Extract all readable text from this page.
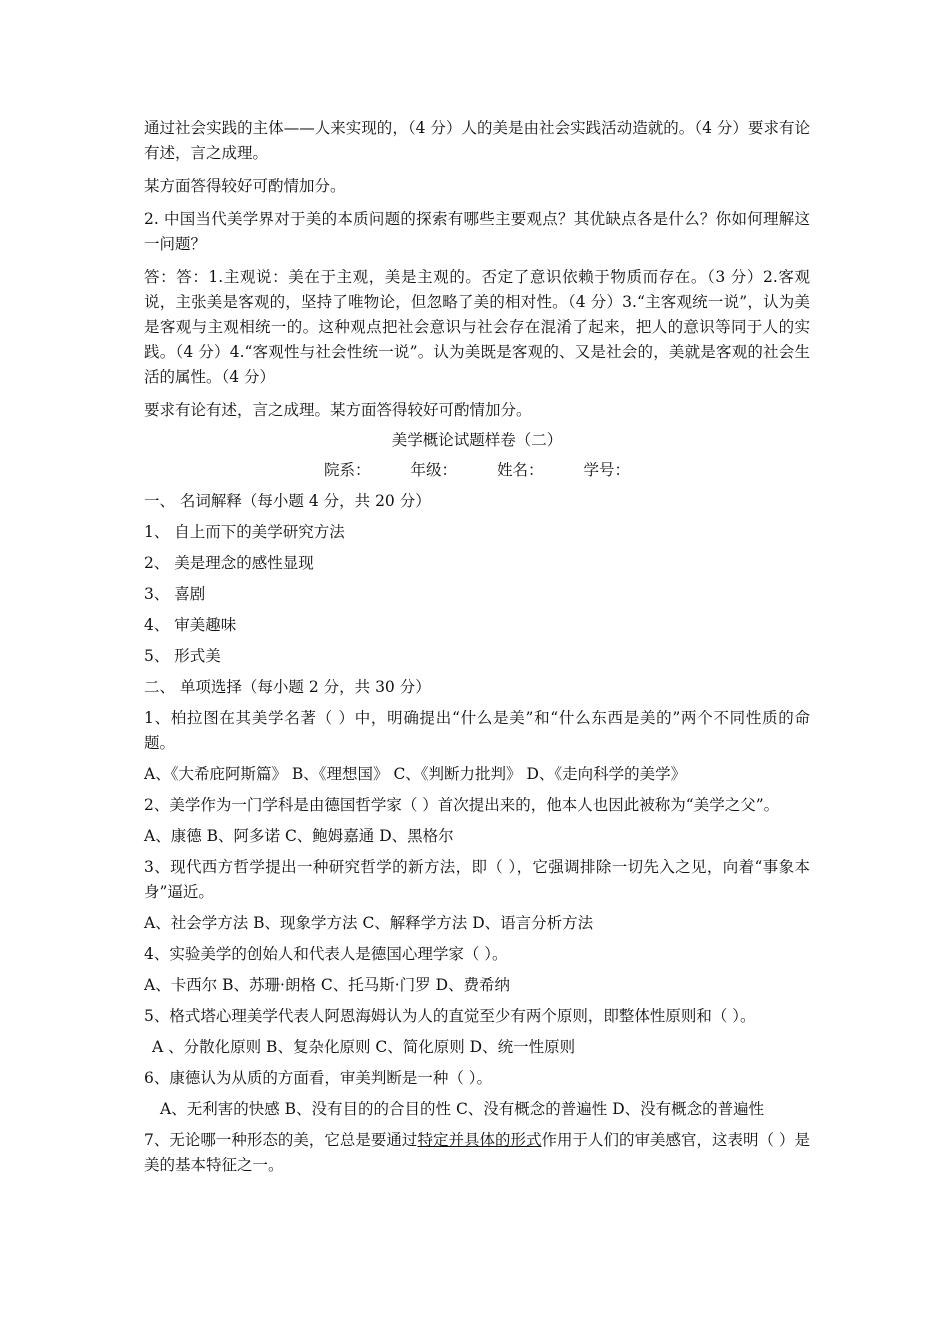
通过社会实践的主体——人来实现的，（4 分）人的美是由社会实践活动造就的。（4 分）要求有论有述，言之成理。

某方面答得较好可酌情加分。

2. 中国当代美学界对于美的本质问题的探索有哪些主要观点？其优缺点各是什么？你如何理解这一问题？

答：答：1.主观说：美在于主观，美是主观的。否定了意识依赖于物质而存在。（3 分）2.客观说，主张美是客观的，坚持了唯物论，但忽略了美的相对性。（4 分）3.“主客观统一说”，认为美是客观与主观相统一的。这种观点把社会意识与社会存在混淆了起来，把人的意识等同于人的实践。（4 分）4.“客观性与社会性统一说”。认为美既是客观的、又是社会的，美就是客观的社会生活的属性。（4 分）

要求有论有述，言之成理。某方面答得较好可酌情加分。

美学概论试题样卷（二）

院系：	年级：	姓名：	学号：

一、 名词解释（每小题 4 分，共 20 分）

1、 自上而下的美学研究方法

2、 美是理念的感性显现

3、 喜剧

4、 审美趣味

5、 形式美

二、 单项选择（每小题 2 分，共 30 分）

1、柏拉图在其美学名著（ ）中，明确提出“什么是美”和“什么东西是美的”两个不同性质的命题。

A、《大希庇阿斯篇》 B、《理想国》 C、《判断力批判》 D、《走向科学的美学》

2、美学作为一门学科是由德国哲学家（ ）首次提出来的，他本人也因此被称为“美学之父”。

A、康德 B、阿多诺 C、鲍姆嘉通 D、黑格尔

3、现代西方哲学提出一种研究哲学的新方法，即（ ），它强调排除一切先入之见，向着“事象本身”逼近。

A、社会学方法 B、现象学方法 C、解释学方法 D、语言分析方法

4、实验美学的创始人和代表人是德国心理学家（ ）。

A、卡西尔 B、苏珊·朗格 C、托马斯·门罗 D、费希纳

5、格式塔心理美学代表人阿恩海姆认为人的直觉至少有两个原则，即整体性原则和（ ）。

A 、分散化原则 B、复杂化原则 C、简化原则 D、统一性原则

6、康德认为从质的方面看，审美判断是一种（ ）。

A、无利害的快感 B、没有目的的合目的性 C、没有概念的普遍性 D、没有概念的普遍性

7、无论哪一种形态的美，它总是要通过特定并具体的形式作用于人们的审美感官，这表明（ ）是美的基本特征之一。
